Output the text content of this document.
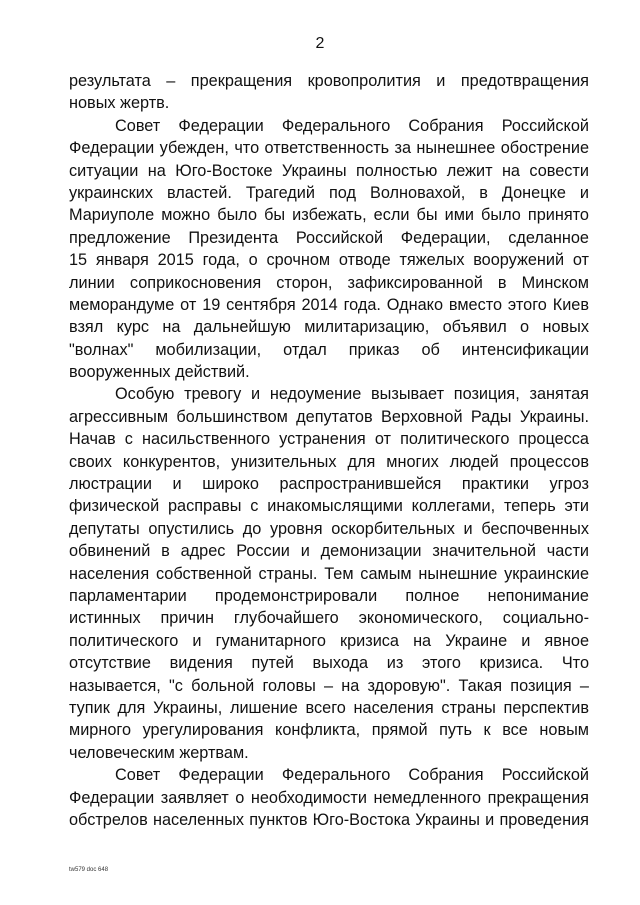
2
результата – прекращения кровопролития и предотвращения
новых жертв.
Совет Федерации Федерального Собрания Российской
Федерации убежден, что ответственность за нынешнее обострение
ситуации на Юго-Востоке Украины полностью лежит на совести
украинских властей. Трагедий под Волновахой, в Донецке и
Мариуполе можно было бы избежать, если бы ими было принято
предложение Президента Российской Федерации, сделанное
15 января 2015 года, о срочном отводе тяжелых вооружений от
линии соприкосновения сторон, зафиксированной в Минском
меморандуме от 19 сентября 2014 года. Однако вместо этого Киев
взял курс на дальнейшую милитаризацию, объявил о новых
"волнах" мобилизации, отдал приказ об интенсификации
вооруженных действий.
Особую тревогу и недоумение вызывает позиция, занятая
агрессивным большинством депутатов Верховной Рады Украины.
Начав с насильственного устранения от политического процесса
своих конкурентов, унизительных для многих людей процессов
люстрации и широко распространившейся практики угроз
физической расправы с инакомыслящими коллегами, теперь эти
депутаты опустились до уровня оскорбительных и беспочвенных
обвинений в адрес России и демонизации значительной части
населения собственной страны. Тем самым нынешние украинские
парламентарии продемонстрировали полное непонимание
истинных причин глубочайшего экономического, социально-
политического и гуманитарного кризиса на Украине и явное
отсутствие видения путей выхода из этого кризиса. Что
называется, "с больной головы – на здоровую". Такая позиция –
тупик для Украины, лишение всего населения страны перспектив
мирного урегулирования конфликта, прямой путь к все новым
человеческим жертвам.
Совет Федерации Федерального Собрания Российской
Федерации заявляет о необходимости немедленного прекращения
обстрелов населенных пунктов Юго-Востока Украины и проведения
tw579 doc 648
